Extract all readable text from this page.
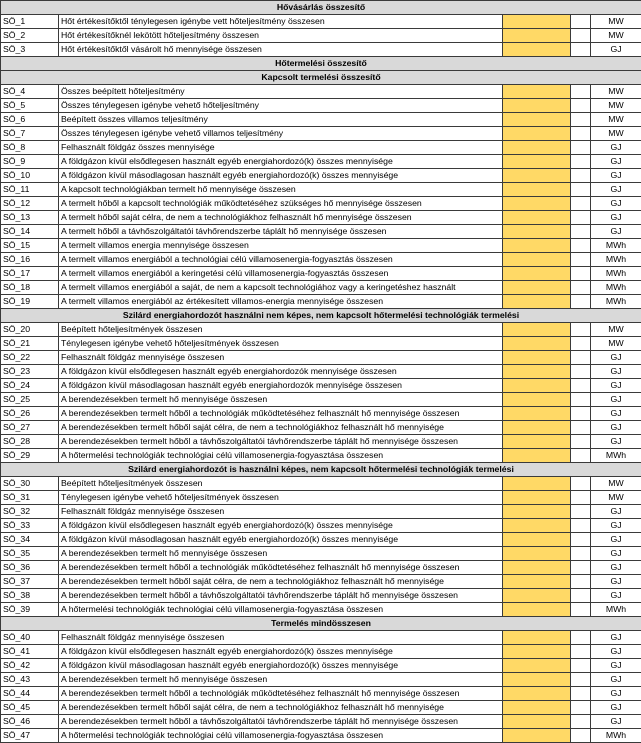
Hővásárlás összesítő				
SÖ_1	Hőt értékesítőktől ténylegesen igénybe vett hőteljesítmény összesen			MW
SÖ_2	Hőt értékesítőknél lekötött hőteljesítmény összesen			MW
SÖ_3	Hőt értékesítőktől vásárolt hő mennyisége összesen			GJ
Hőtermelési összesítő				
Kapcsolt termelési összesítő				
SÖ_4	Összes beépített hőteljesítmény			MW
SÖ_5	Összes ténylegesen igénybe vehető hőteljesítmény			MW
SÖ_6	Beépített összes villamos teljesítmény			MW
SÖ_7	Összes ténylegesen igénybe vehető villamos teljesítmény			MW
SÖ_8	Felhasznált földgáz összes mennyisége			GJ
SÖ_9	A földgázon kívül elsődlegesen használt egyéb energiahordozó(k) összes mennyisége			GJ
SÖ_10	A földgázon kívül másodlagosan használt egyéb energiahordozó(k) összes mennyisége			GJ
SÖ_11	A kapcsolt technológiákban termelt hő mennyisége összesen			GJ
SÖ_12	A termelt hőből a kapcsolt technológiák működtetéséhez szükséges hő mennyisége összesen			GJ
SÖ_13	A termelt hőből saját célra, de nem a technológiákhoz felhasznált hő mennyisége összesen			GJ
SÖ_14	A termelt hőből a távhőszolgáltatói távhőrendszerbe táplált hő mennyisége összesen			GJ
SÖ_15	A termelt villamos energia mennyisége összesen			MWh
SÖ_16	A termelt villamos energiából a technológiai célú villamosenergia-fogyasztás összesen			MWh
SÖ_17	A termelt villamos energiából a keringetési célú villamosenergia-fogyasztás összesen			MWh
SÖ_18	A termelt villamos energiából a saját, de nem a kapcsolt technológiához vagy a keringetéshez használt			MWh
SÖ_19	A termelt villamos energiából az értékesített villamos-energia mennyisége összesen			MWh
Szilárd energiahordozót használni nem képes, nem kapcsolt hőtermelési technológiák termelési				
SÖ_20	Beépített hőteljesítmények összesen			MW
SÖ_21	Ténylegesen igénybe vehető hőteljesítmények összesen			MW
SÖ_22	Felhasznált földgáz mennyisége összesen			GJ
SÖ_23	A földgázon kívül elsődlegesen használt egyéb energiahordozók mennyisége összesen			GJ
SÖ_24	A földgázon kívül másodlagosan használt egyéb energiahordozók mennyisége összesen			GJ
SÖ_25	A berendezésekben termelt hő mennyisége összesen			GJ
SÖ_26	A berendezésekben termelt hőből a technológiák működtetéséhez felhasznált hő mennyisége összesen			GJ
SÖ_27	A berendezésekben termelt hőből saját célra, de nem a technológiákhoz felhasznált hő mennyisége			GJ
SÖ_28	A berendezésekben termelt hőből a távhőszolgáltatói távhőrendszerbe táplált hő mennyisége összesen			GJ
SÖ_29	A hőtermelési technológiák technológiai célú villamosenergia-fogyasztása összesen			MWh
Szilárd energiahordozót is használni képes, nem kapcsolt hőtermelési technológiák termelési				
SÖ_30	Beépített hőteljesítmények összesen			MW
SÖ_31	Ténylegesen igénybe vehető hőteljesítmények összesen			MW
SÖ_32	Felhasznált földgáz mennyisége összesen			GJ
SÖ_33	A földgázon kívül elsődlegesen használt egyéb energiahordozó(k) összes mennyisége			GJ
SÖ_34	A földgázon kívül másodlagosan használt egyéb energiahordozó(k) összes mennyisége			GJ
SÖ_35	A berendezésekben termelt hő mennyisége összesen			GJ
SÖ_36	A berendezésekben termelt hőből a technológiák működtetéséhez felhasznált hő mennyisége összesen			GJ
SÖ_37	A berendezésekben termelt hőből saját célra, de nem a technológiákhoz felhasznált hő mennyisége			GJ
SÖ_38	A berendezésekben termelt hőből a távhőszolgáltatói távhőrendszerbe táplált hő mennyisége összesen			GJ
SÖ_39	A hőtermelési technológiák technológiai célú villamosenergia-fogyasztása összesen			MWh
Termelés mindösszesen				
SÖ_40	Felhasznált földgáz mennyisége összesen			GJ
SÖ_41	A földgázon kívül elsődlegesen használt egyéb energiahordozó(k) összes mennyisége			GJ
SÖ_42	A földgázon kívül másodlagosan használt egyéb energiahordozó(k) összes mennyisége			GJ
SÖ_43	A berendezésekben termelt hő mennyisége összesen			GJ
SÖ_44	A berendezésekben termelt hőből a technológiák működtetéséhez felhasznált hő mennyisége összesen			GJ
SÖ_45	A berendezésekben termelt hőből saját célra, de nem a technológiákhoz felhasznált hő mennyisége			GJ
SÖ_46	A berendezésekben termelt hőből a távhőszolgáltatói távhőrendszerbe táplált hő mennyisége összesen			GJ
SÖ_47	A hőtermelési technológiák technológiai célú villamosenergia-fogyasztása összesen			MWh
